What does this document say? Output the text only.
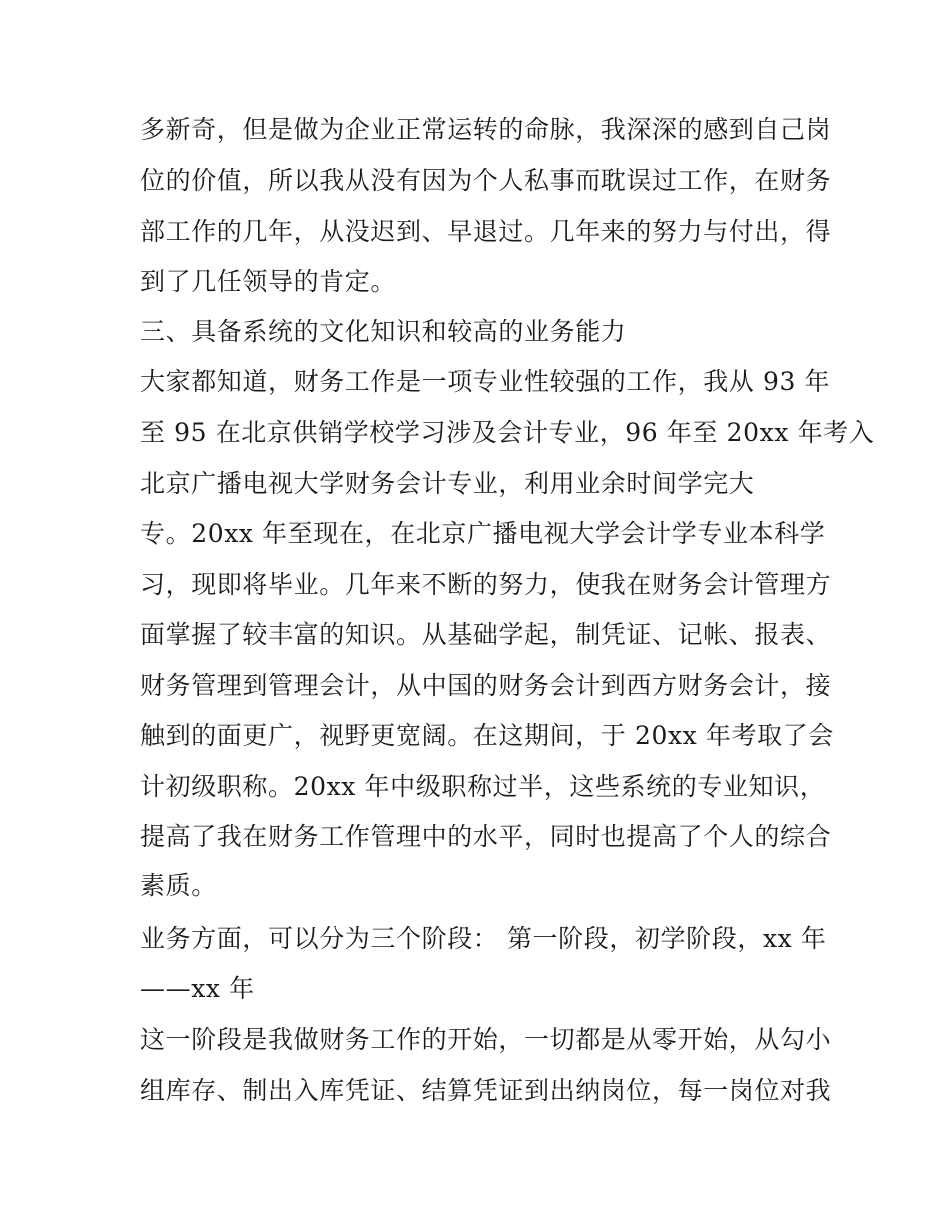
多新奇，但是做为企业正常运转的命脉，我深深的感到自己岗
位的价值，所以我从没有因为个人私事而耽误过工作，在财务
部工作的几年，从没迟到、早退过。几年来的努力与付出，得
到了几任领导的肯定。
三、具备系统的文化知识和较高的业务能力
大家都知道，财务工作是一项专业性较强的工作，我从 93 年
至 95 在北京供销学校学习涉及会计专业，96 年至 20xx 年考入
北京广播电视大学财务会计专业，利用业余时间学完大
专。20xx 年至现在，在北京广播电视大学会计学专业本科学
习，现即将毕业。几年来不断的努力，使我在财务会计管理方
面掌握了较丰富的知识。从基础学起，制凭证、记帐、报表、
财务管理到管理会计，从中国的财务会计到西方财务会计，接
触到的面更广，视野更宽阔。在这期间，于 20xx 年考取了会
计初级职称。20xx 年中级职称过半，这些系统的专业知识，
提高了我在财务工作管理中的水平，同时也提高了个人的综合
素质。
业务方面，可以分为三个阶段： 第一阶段，初学阶段，xx 年
——xx 年
这一阶段是我做财务工作的开始，一切都是从零开始，从勾小
组库存、制出入库凭证、结算凭证到出纳岗位，每一岗位对我
